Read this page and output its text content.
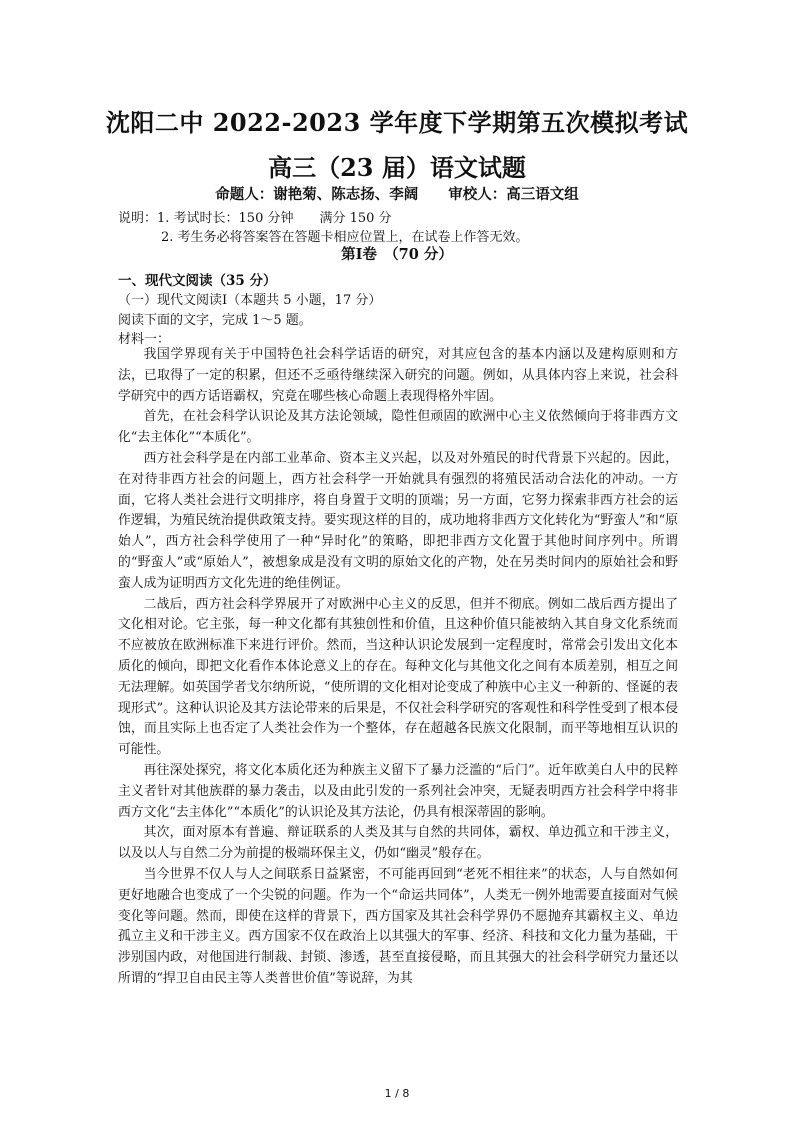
沈阳二中 2022-2023 学年度下学期第五次模拟考试
高三（23 届）语文试题
命题人：谢艳菊、陈志扬、李阔 审校人：高三语文组
说明：1. 考试时长：150 分钟　　满分 150 分
2. 考生务必将答案答在答题卡相应位置上，在试卷上作答无效。
第Ⅰ卷　（70 分）
一、现代文阅读（35 分）
（一）现代文阅读Ⅰ（本题共 5 小题，17 分）
阅读下面的文字，完成 1～5 题。
材料一：

我国学界现有关于中国特色社会科学话语的研究，对其应包含的基本内涵以及建构原则和方法，已取得了一定的积累，但还不乏亟待继续深入研究的问题。例如，从具体内容上来说，社会科学研究中的西方话语霸权，究竟在哪些核心命题上表现得格外牢固。

首先，在社会科学认识论及其方法论领域，隐性但顽固的欧洲中心主义依然倾向于将非西方文化“去主体化”“本质化”。

西方社会科学是在内部工业革命、资本主义兴起，以及对外殖民的时代背景下兴起的。因此，在对待非西方社会的问题上，西方社会科学一开始就具有强烈的将殖民活动合法化的冲动。一方面，它将人类社会进行文明排序，将自身置于文明的顶端；另一方面，它努力探索非西方社会的运作逻辑，为殖民统治提供政策支持。要实现这样的目的，成功地将非西方文化转化为“野蛮人”和“原始人”，西方社会科学使用了一种“异时化”的策略，即把非西方文化置于其他时间序列中。所谓的“野蛮人”或“原始人”，被想象成是没有文明的原始文化的产物，处在另类时间内的原始社会和野蛮人成为证明西方文化先进的绝佳例证。

二战后，西方社会科学界展开了对欧洲中心主义的反思，但并不彻底。例如二战后西方提出了文化相对论。它主张，每一种文化都有其独创性和价值，且这种价值只能被纳入其自身文化系统而不应被放在欧洲标准下来进行评价。然而，当这种认识论发展到一定程度时，常常会引发出文化本质化的倾向，即把文化看作本体论意义上的存在。每种文化与其他文化之间有本质差别，相互之间无法理解。如英国学者戈尔纳所说，“使所谓的文化相对论变成了种族中心主义一种新的、怪诞的表现形式”。这种认识论及其方法论带来的后果是，不仅社会科学研究的客观性和科学性受到了根本侵蚀，而且实际上也否定了人类社会作为一个整体，存在超越各民族文化限制，而平等地相互认识的可能性。

再往深处探究，将文化本质化还为种族主义留下了暴力泛滥的“后门”。近年欧美白人中的民粹主义者针对其他族群的暴力袭击，以及由此引发的一系列社会冲突，无疑表明西方社会科学中将非西方文化“去主体化”“本质化”的认识论及其方法论，仍具有根深蒂固的影响。

其次，面对原本有普遍、辩证联系的人类及其与自然的共同体，霸权、单边孤立和干涉主义，以及以人与自然二分为前提的极端环保主义，仍如“幽灵”般存在。

当今世界不仅人与人之间联系日益紧密，不可能再回到“老死不相往来”的状态，人与自然如何更好地融合也变成了一个尖锐的问题。作为一个“命运共同体”，人类无一例外地需要直接面对气候变化等问题。然而，即使在这样的背景下，西方国家及其社会科学界仍不愿抛弃其霸权主义、单边孤立主义和干涉主义。西方国家不仅在政治上以其强大的军事、经济、科技和文化力量为基础，干涉别国内政，对他国进行制裁、封锁、渗透，甚至直接侵略，而且其强大的社会科学研究力量还以所谓的“捍卫自由民主等人类普世价值”等说辞，为其

1 / 8
